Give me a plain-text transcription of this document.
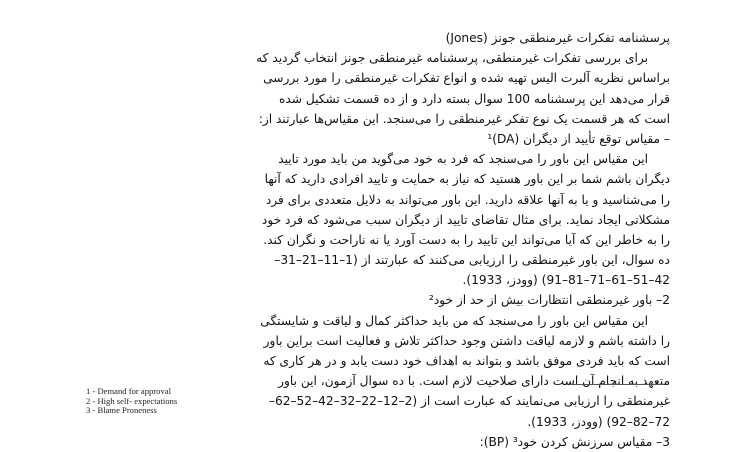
پرسشنامه تفکرات غیرمنطقی جونز (Jones)
برای بررسی تفکرات غیرمنطقی، پرسشنامه غیرمنطقی جونز انتخاب گردید که
براساس نظریه آلبرت الیس تهیه شده و انواع تفکرات غیرمنطقی را مورد بررسی
قرار می‌دهد این پرسشنامه 100 سوال بسته دارد و از ده قسمت تشکیل شده
است که هر قسمت یک نوع تفکر غیرمنطقی را می‌سنجد. این مقیاس‌ها عبارتند از:
– مقیاس توقع تأیید از دیگران (DA)¹
این مقیاس این باور را می‌سنجد که فرد به خود می‌گوید من باید مورد تایید
دیگران باشم شما بر این باور هستید که نیاز به حمایت و تایید افرادی دارید که آنها
را می‌شناسید و یا به آنها علاقه دارید. این باور می‌تواند به دلایل متعددی برای فرد
مشکلاتی ایجاد نماید. برای مثال تقاضای تایید از دیگران سبب می‌شود که فرد خود
را به خاطر این که آیا می‌تواند این تایید را به دست آورد یا نه ناراحت و نگران کند.
ده سوال، این باور غیرمنطقی را ارزیابی می‌کنند که عبارتند از (1–11–21–31–
42–51–61–71–81–91) (وودز، 1933).
2– باور غیرمنطقی انتظارات بیش از حد از خود²
این مقیاس این باور را می‌سنجد که من باید حداکثر کمال و لیاقت و شایستگی
را داشته باشم و لازمه لیاقت داشتن وجود حداکثر تلاش و فعالیت است براین باور
است که باید فردی موفق باشد و بتواند به اهداف خود دست یابد و در هر کاری که
متعهد به انجام آن است دارای صلاحیت لازم است. با ده سوال آزمون، این باور
غیرمنطقی را ارزیابی می‌نمایند که عبارت است از (2–12–22–32–42–52–62–
72–82–92) (وودز، 1933).
3– مقیاس سرزنش کردن خود³ (BP):
1 - Demand for approval
2 - High self- expectations
3 - Blame Proneness
